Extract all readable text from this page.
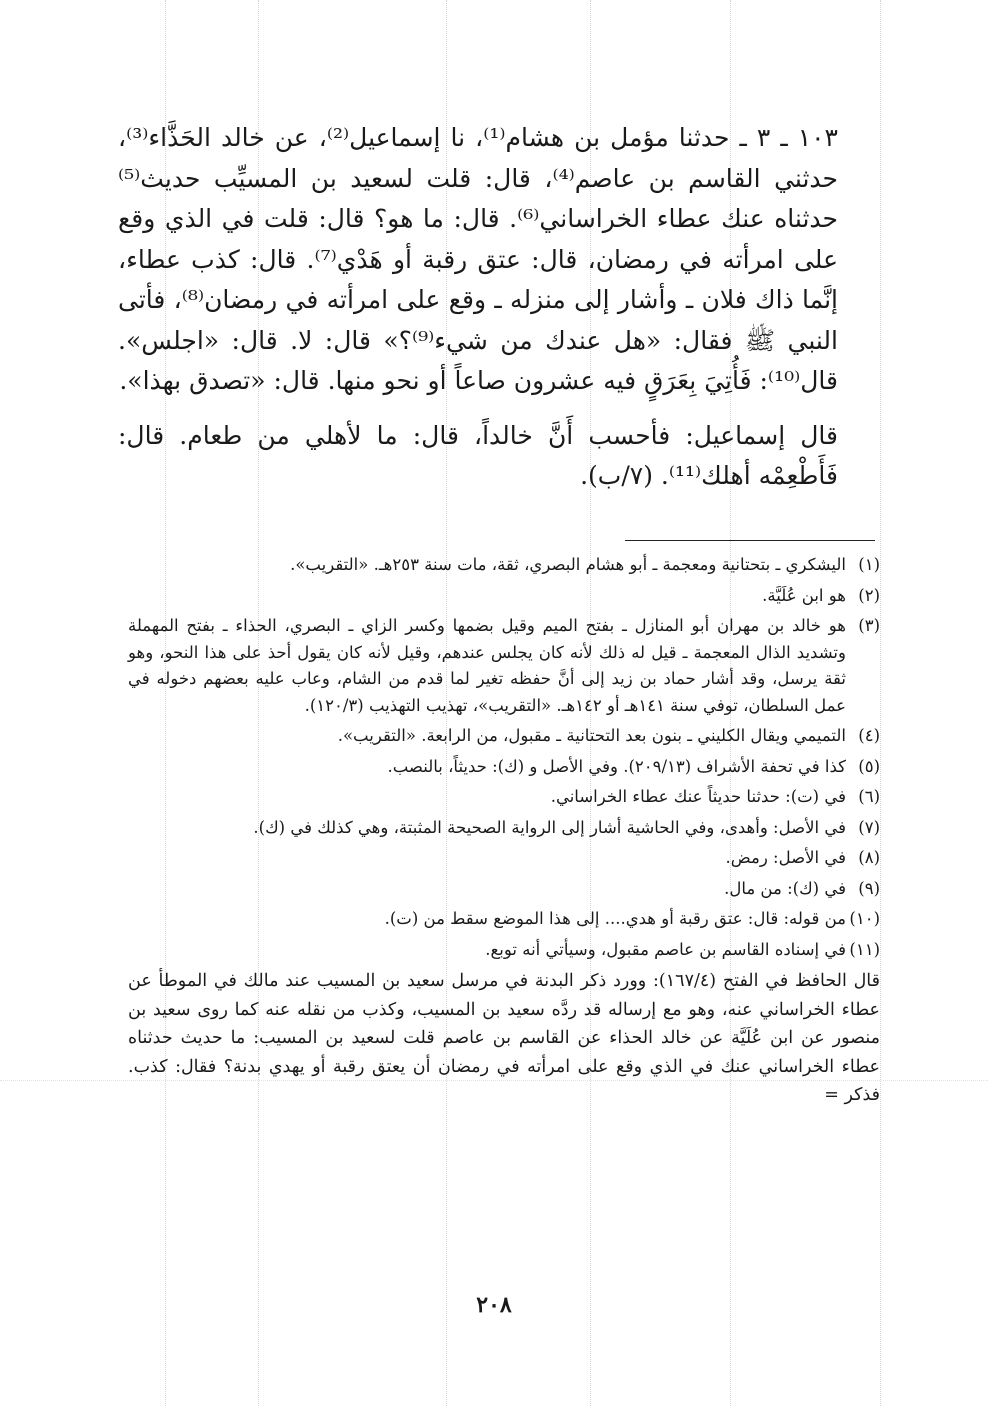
١٠٣ ـ ٣ ـ حدثنا مؤمل بن هشام⁽¹⁾، نا إسماعيل⁽²⁾، عن خالد الحَذَّاء⁽³⁾، حدثني القاسم بن عاصم⁽⁴⁾، قال: قلت لسعيد بن المسيِّب حديث⁽⁵⁾ حدثناه عنك عطاء الخراساني⁽⁶⁾. قال: ما هو؟ قال: قلت في الذي وقع على امرأته في رمضان، قال: عتق رقبة أو هَدْي⁽⁷⁾. قال: كذب عطاء، إنَّما ذاك فلان ـ وأشار إلى منزله ـ وقع على امرأته في رمضان⁽⁸⁾، فأتى النبي ﷺ فقال: «هل عندك من شيء⁽⁹⁾؟» قال: لا. قال: «اجلس». قال⁽¹⁰⁾: فَأُتِيَ بِعَرَقٍ فيه عشرون صاعاً أو نحو منها. قال: «تصدق بهذا».

قال إسماعيل: فأحسب أَنَّ خالداً، قال: ما لأهلي من طعام. قال: فَأَطْعِمْه أهلك⁽¹¹⁾. (٧/ب).

(١)
اليشكري ـ بتحتانية ومعجمة ـ أبو هشام البصري، ثقة، مات سنة ٢٥٣هـ. «التقريب».
(٢)
هو ابن عُلَيَّة.
(٣)
هو خالد بن مهران أبو المنازل ـ بفتح الميم وقيل بضمها وكسر الزاي ـ البصري، الحذاء ـ بفتح المهملة وتشديد الذال المعجمة ـ قيل له ذلك لأنه كان يجلس عندهم، وقيل لأنه كان يقول أحذ على هذا النحو، وهو ثقة يرسل، وقد أشار حماد بن زيد إلى أنَّ حفظه تغير لما قدم من الشام، وعاب عليه بعضهم دخوله في عمل السلطان، توفي سنة ١٤١هـ أو ١٤٢هـ. «التقريب»، تهذيب التهذيب (١٢٠/٣).
(٤)
التميمي ويقال الكليني ـ بنون بعد التحتانية ـ مقبول، من الرابعة. «التقريب».
(٥)
كذا في تحفة الأشراف (٢٠٩/١٣). وفي الأصل و (ك): حديثاً، بالنصب.
(٦)
في (ت): حدثنا حديثاً عنك عطاء الخراساني.
(٧)
في الأصل: وأهدى، وفي الحاشية أشار إلى الرواية الصحيحة المثبتة، وهي كذلك في (ك).
(٨)
في الأصل: رمض.
(٩)
في (ك): من مال.
(١٠)
من قوله: قال: عتق رقبة أو هدي.... إلى هذا الموضع سقط من (ت).
(١١)
في إسناده القاسم بن عاصم مقبول، وسيأتي أنه توبع.
قال الحافظ في الفتح (١٦٧/٤): وورد ذكر البدنة في مرسل سعيد بن المسيب عند مالك في الموطأ عن عطاء الخراساني عنه، وهو مع إرساله قد ردَّه سعيد بن المسيب، وكذب من نقله عنه كما روى سعيد بن منصور عن ابن عُلَيَّة عن خالد الحذاء عن القاسم بن عاصم قلت لسعيد بن المسيب: ما حديث حدثناه عطاء الخراساني عنك في الذي وقع على امرأته في رمضان أن يعتق رقبة أو يهدي بدنة؟ فقال: كذب. فذكر =
٢٠٨
